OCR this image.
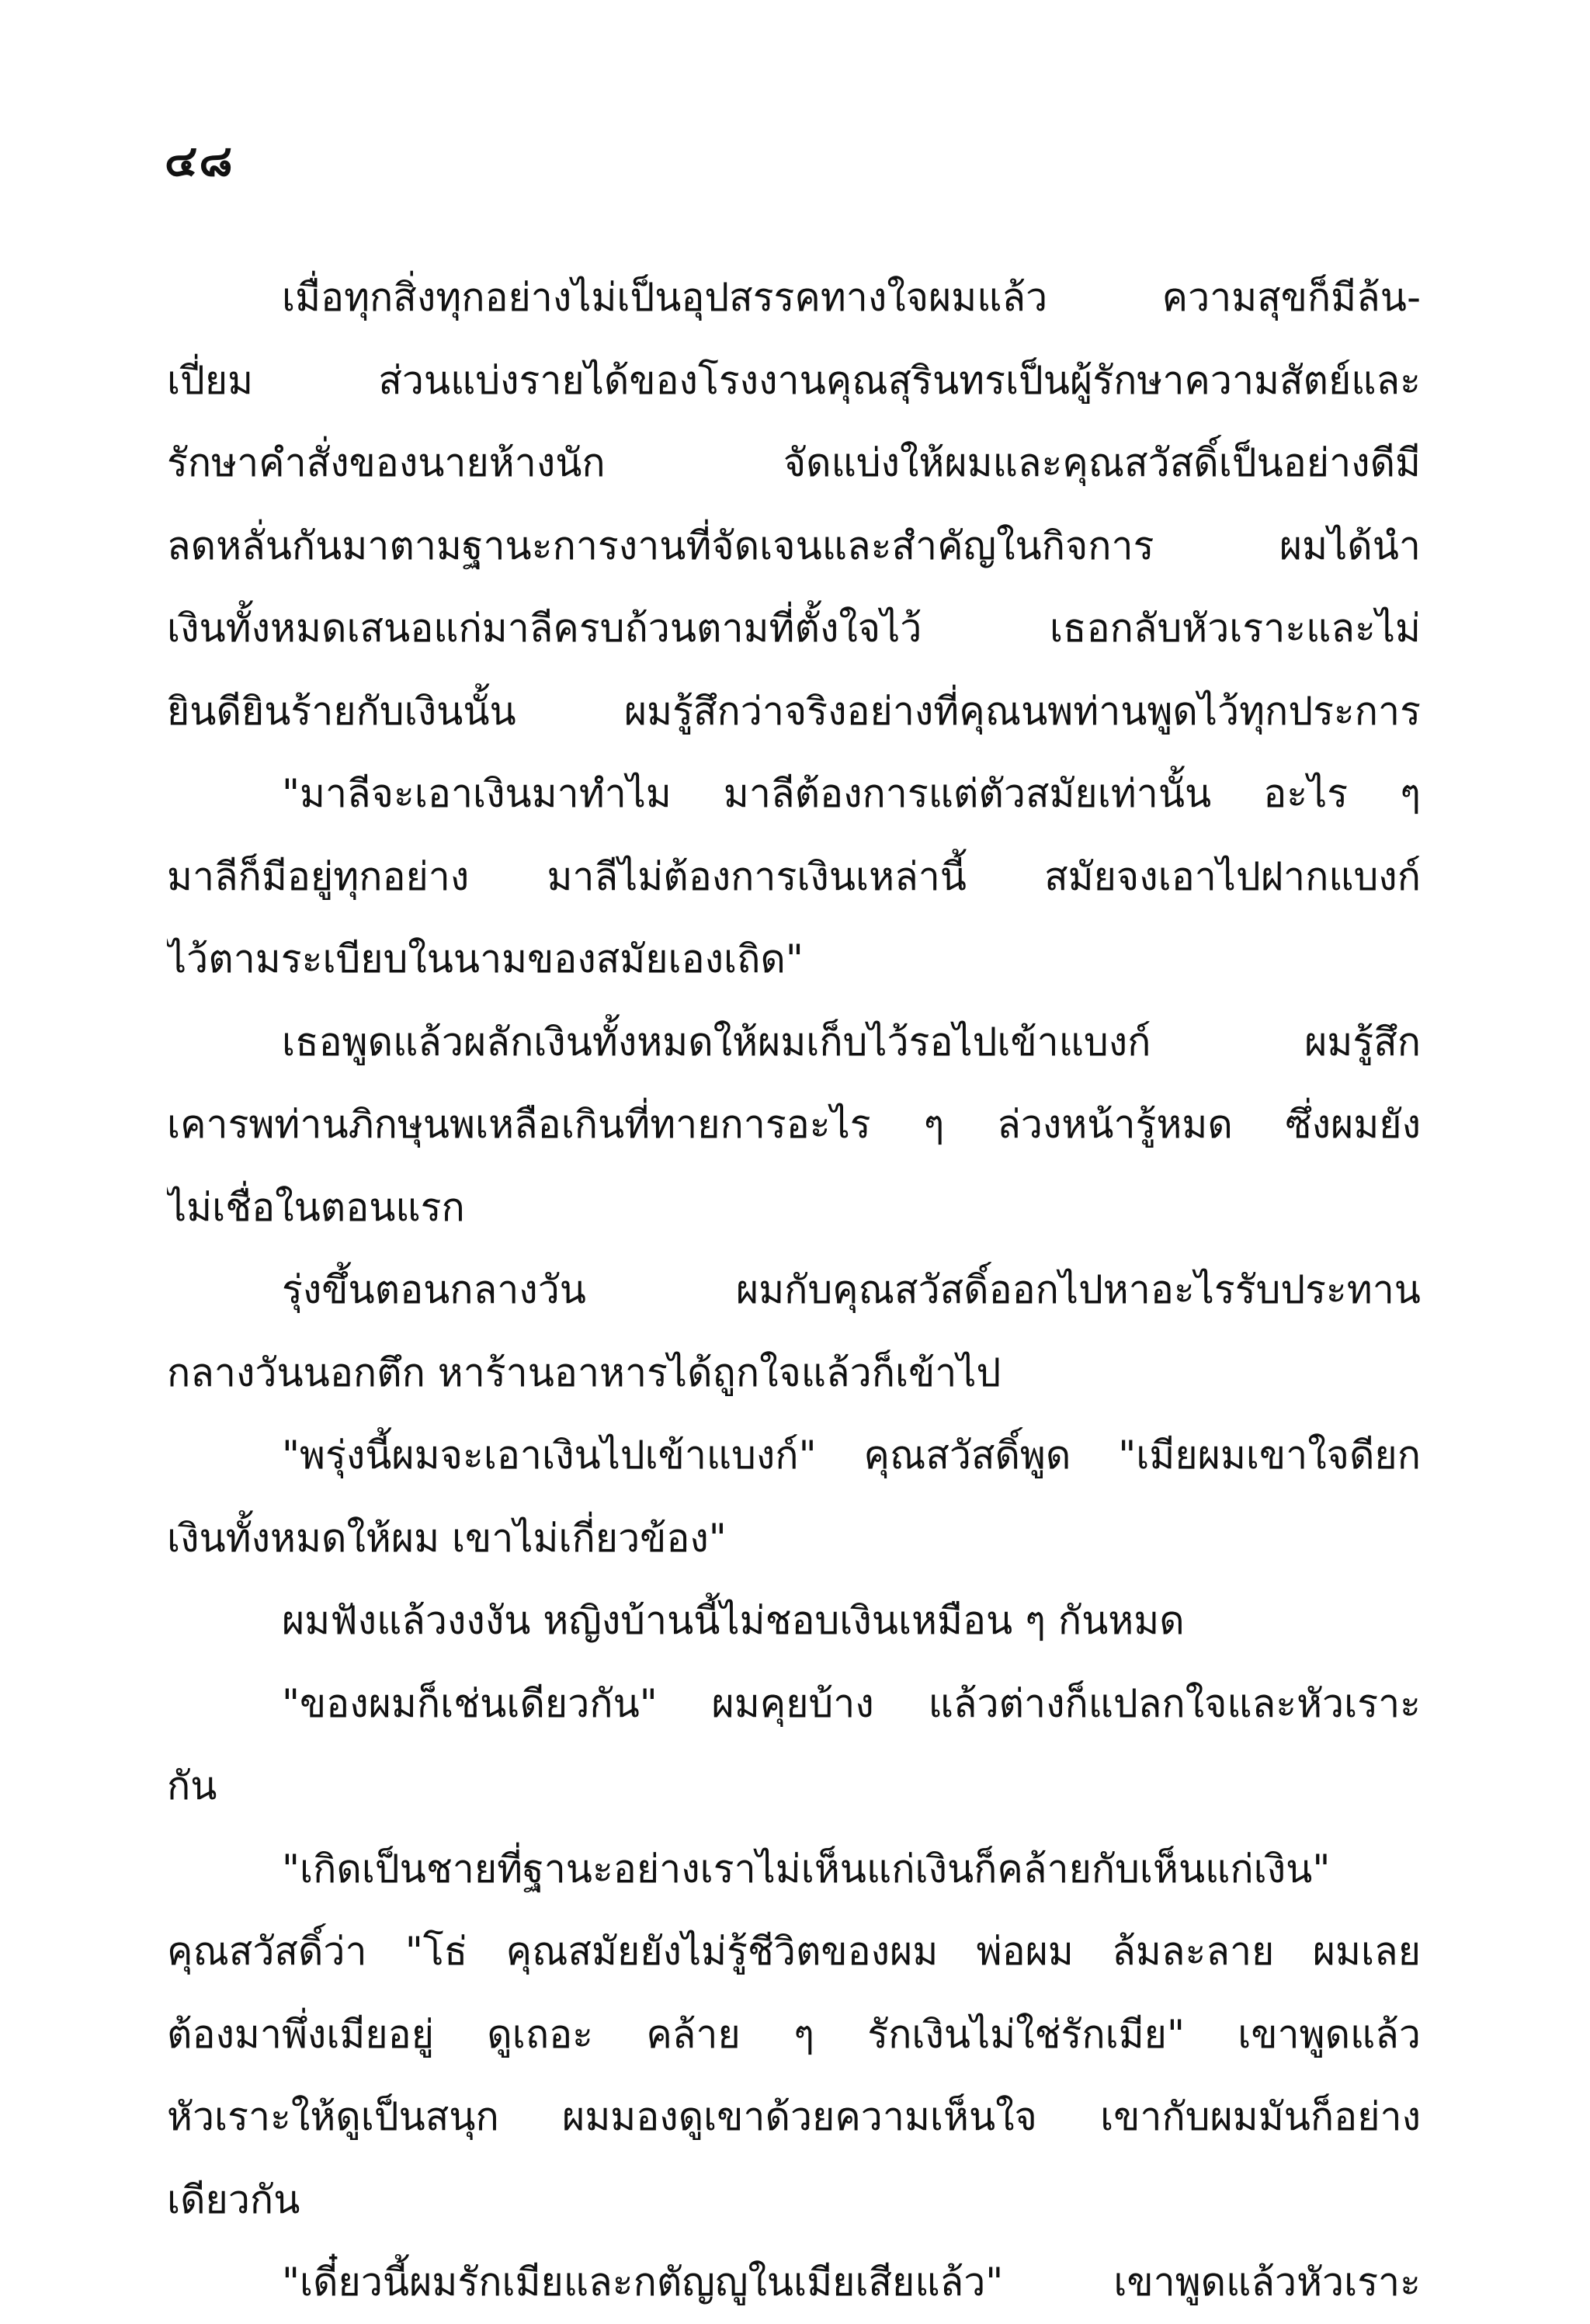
๔๘
เมื่อทุกสิ่งทุกอย่างไม่เป็นอุปสรรคทางใจผมแล้ว ความสุขก็มีล้น-
เปี่ยม ส่วนแบ่งรายได้ของโรงงานคุณสุรินทรเป็นผู้รักษาความสัตย์และ
รักษาคำสั่งของนายห้างนัก จัดแบ่งให้ผมและคุณสวัสดิ์เป็นอย่างดีมี
ลดหลั่นกันมาตามฐานะการงานที่จัดเจนและสำคัญในกิจการ ผมได้นำ
เงินทั้งหมดเสนอแก่มาลีครบถ้วนตามที่ตั้งใจไว้ เธอกลับหัวเราะและไม่
ยินดียินร้ายกับเงินนั้น ผมรู้สึกว่าจริงอย่างที่คุณนพท่านพูดไว้ทุกประการ
"มาลีจะเอาเงินมาทำไม มาลีต้องการแต่ตัวสมัยเท่านั้น อะไร ๆ
มาลีก็มีอยู่ทุกอย่าง มาลีไม่ต้องการเงินเหล่านี้ สมัยจงเอาไปฝากแบงก์
ไว้ตามระเบียบในนามของสมัยเองเถิด"
เธอพูดแล้วผลักเงินทั้งหมดให้ผมเก็บไว้รอไปเข้าแบงก์ ผมรู้สึก
เคารพท่านภิกษุนพเหลือเกินที่ทายการอะไร ๆ ล่วงหน้ารู้หมด ซึ่งผมยัง
ไม่เชื่อในตอนแรก
รุ่งขึ้นตอนกลางวัน ผมกับคุณสวัสดิ์ออกไปหาอะไรรับประทาน
กลางวันนอกตึก หาร้านอาหารได้ถูกใจแล้วก็เข้าไป
"พรุ่งนี้ผมจะเอาเงินไปเข้าแบงก์" คุณสวัสดิ์พูด "เมียผมเขาใจดียก
เงินทั้งหมดให้ผม เขาไม่เกี่ยวข้อง"
ผมฟังแล้วงงงัน หญิงบ้านนี้ไม่ชอบเงินเหมือน ๆ กันหมด
"ของผมก็เช่นเดียวกัน" ผมคุยบ้าง แล้วต่างก็แปลกใจและหัวเราะ
กัน
"เกิดเป็นชายที่ฐานะอย่างเราไม่เห็นแก่เงินก็คล้ายกับเห็นแก่เงิน"
คุณสวัสดิ์ว่า "โธ่ คุณสมัยยังไม่รู้ชีวิตของผม พ่อผม ล้มละลาย ผมเลย
ต้องมาพึ่งเมียอยู่ ดูเถอะ คล้าย ๆ รักเงินไม่ใช่รักเมีย" เขาพูดแล้ว
หัวเราะให้ดูเป็นสนุก ผมมองดูเขาด้วยความเห็นใจ เขากับผมมันก็อย่าง
เดียวกัน
"เดี๋ยวนี้ผมรักเมียและกตัญญูในเมียเสียแล้ว" เขาพูดแล้วหัวเราะ
